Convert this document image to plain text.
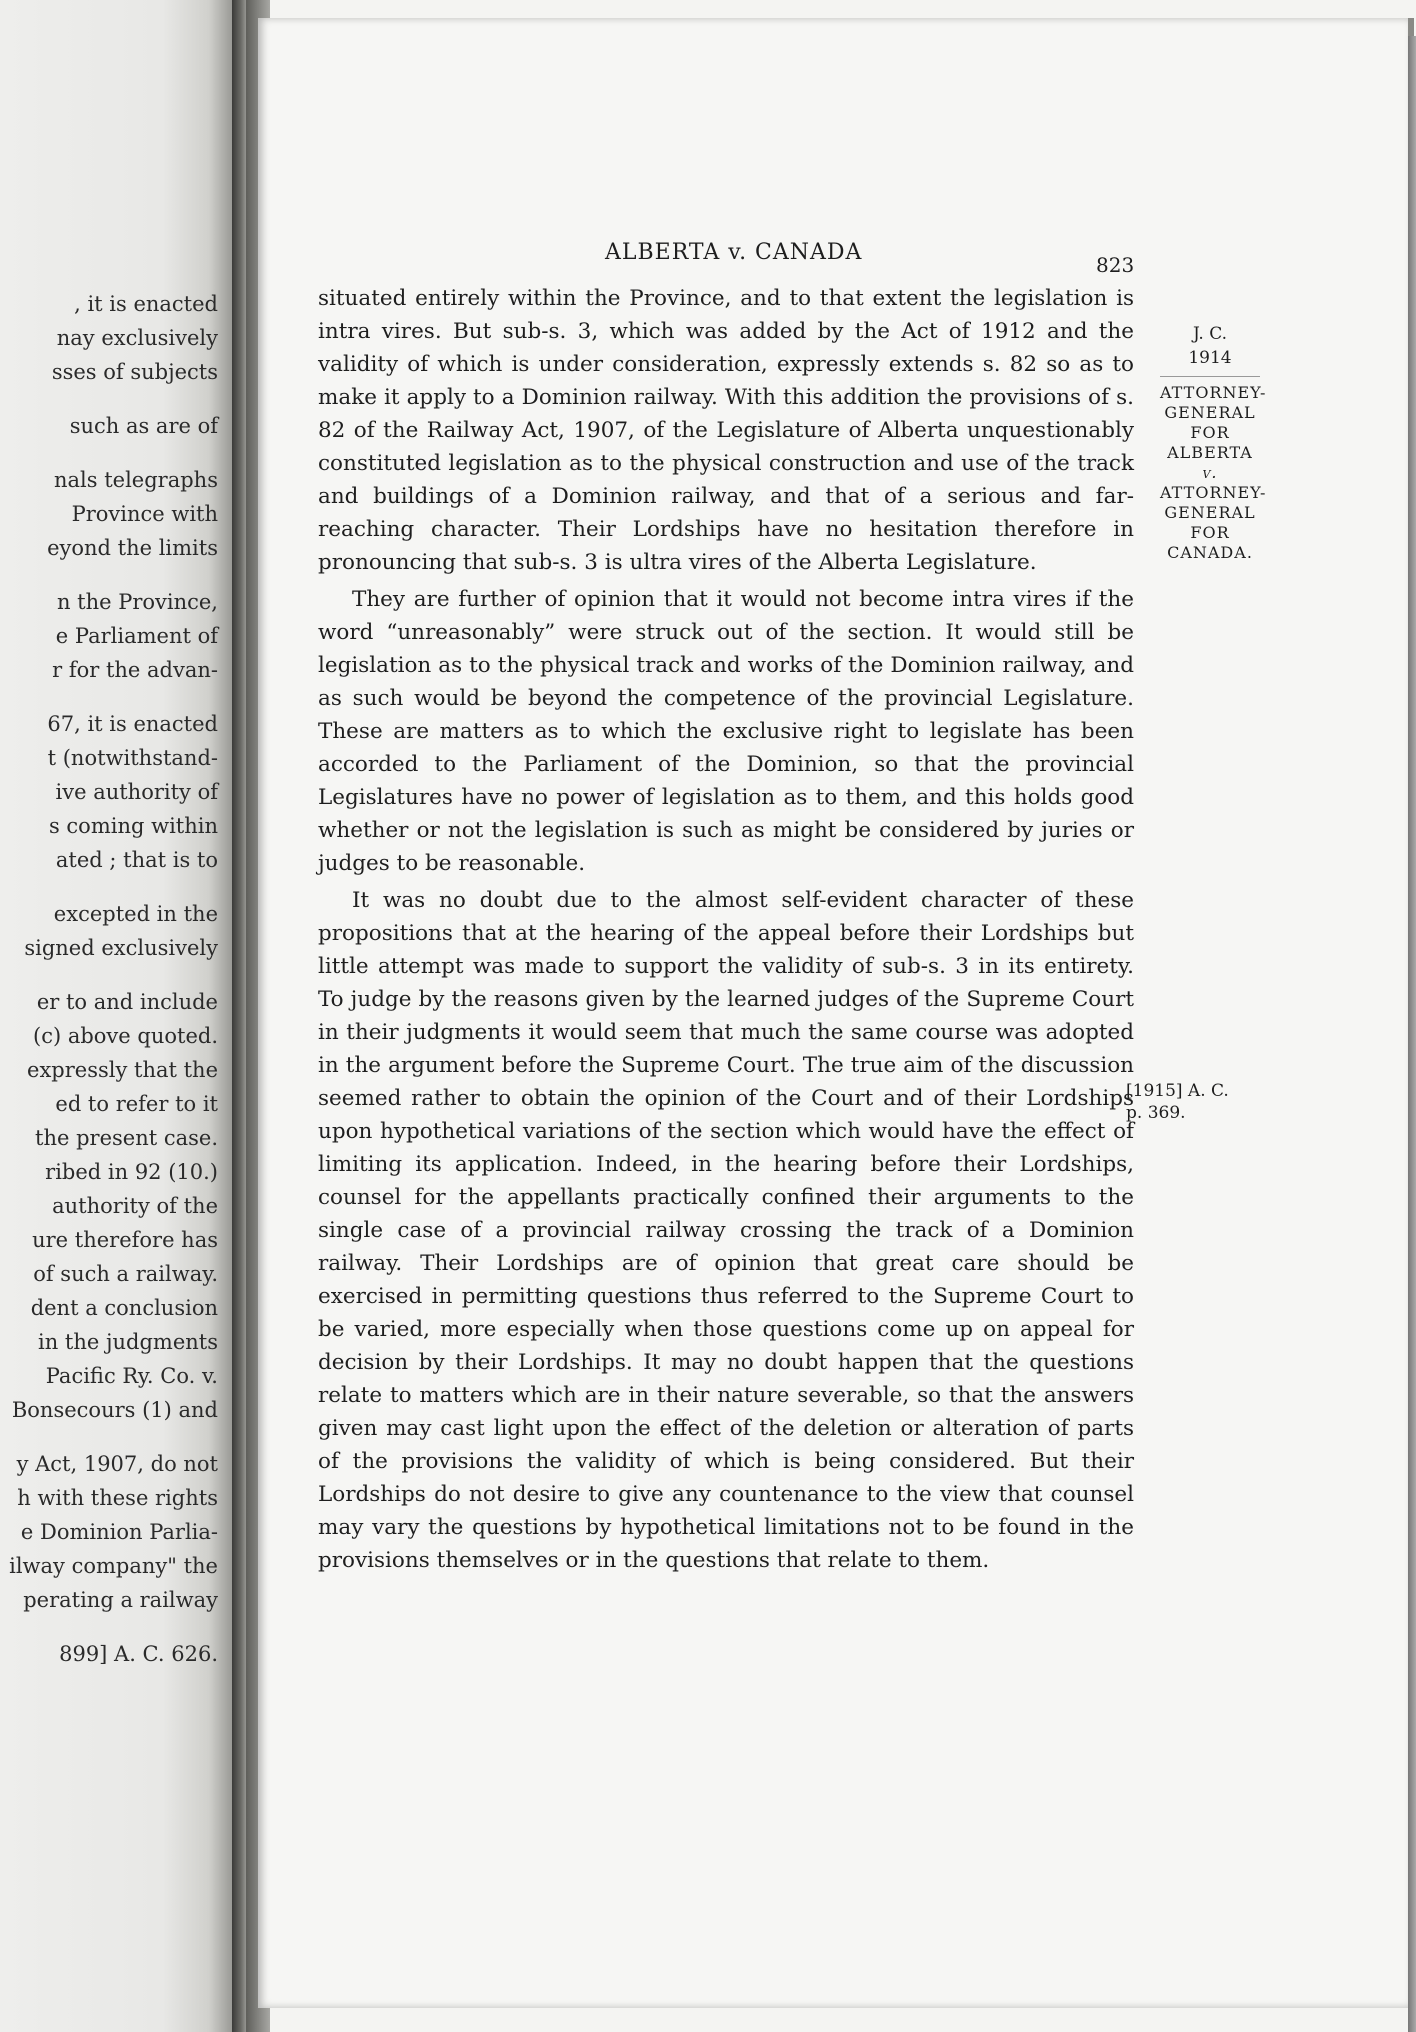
, it is enacted
nay exclusively
sses of subjects
such as are of
nals telegraphs
Province with
eyond the limits
n the Province,
e Parliament of
r for the advan-
67, it is enacted
t (notwithstand-
ive authority of
s coming within
ated ; that is to
excepted in the
signed exclusively
er to and include
(c) above quoted.
expressly that the
ed to refer to it
the present case.
ribed in 92 (10.)
authority of the
ure therefore has
of such a railway.
dent a conclusion
in the judgments
Pacific Ry. Co. v.
Bonsecours (1) and
y Act, 1907, do not
h with these rights
e Dominion Parlia-
ilway company" the
perating a railway
899] A. C. 626.
ALBERTA v. CANADA	823

situated entirely within the Province, and to that extent the legislation is intra vires. But sub-s. 3, which was added by the Act of 1912 and the validity of which is under consideration, expressly extends s. 82 so as to make it apply to a Dominion railway. With this addition the provisions of s. 82 of the Railway Act, 1907, of the Legislature of Alberta unquestionably constituted legislation as to the physical construction and use of the track and buildings of a Dominion railway, and that of a serious and far-reaching character. Their Lordships have no hesitation therefore in pronouncing that sub-s. 3 is ultra vires of the Alberta Legislature.

They are further of opinion that it would not become intra vires if the word “unreasonably” were struck out of the section. It would still be legislation as to the physical track and works of the Dominion railway, and as such would be beyond the competence of the provincial Legislature. These are matters as to which the exclusive right to legislate has been accorded to the Parliament of the Dominion, so that the provincial Legislatures have no power of legislation as to them, and this holds good whether or not the legislation is such as might be considered by juries or judges to be reasonable.

It was no doubt due to the almost self-evident character of these propositions that at the hearing of the appeal before their Lordships but little attempt was made to support the validity of sub-s. 3 in its entirety. To judge by the reasons given by the learned judges of the Supreme Court in their judgments it would seem that much the same course was adopted in the argument before the Supreme Court. The true aim of the discussion seemed rather to obtain the opinion of the Court and of their Lordships upon hypothetical variations of the section which would have the effect of limiting its application. Indeed, in the hearing before their Lordships, counsel for the appellants practically confined their arguments to the single case of a provincial railway crossing the track of a Dominion railway. Their Lordships are of opinion that great care should be exercised in permitting questions thus referred to the Supreme Court to be varied, more especially when those questions come up on appeal for decision by their Lordships. It may no doubt happen that the questions relate to matters which are in their nature severable, so that the answers given may cast light upon the effect of the deletion or alteration of parts of the provisions the validity of which is being considered. But their Lordships do not desire to give any countenance to the view that counsel may vary the questions by hypothetical limitations not to be found in the provisions themselves or in the questions that relate to them.

J. C.
1914
ATTORNEY-
GENERAL
FOR
ALBERTA
v.
ATTORNEY-
GENERAL
FOR
CANADA.
[1915] A. C.
p. 369.
